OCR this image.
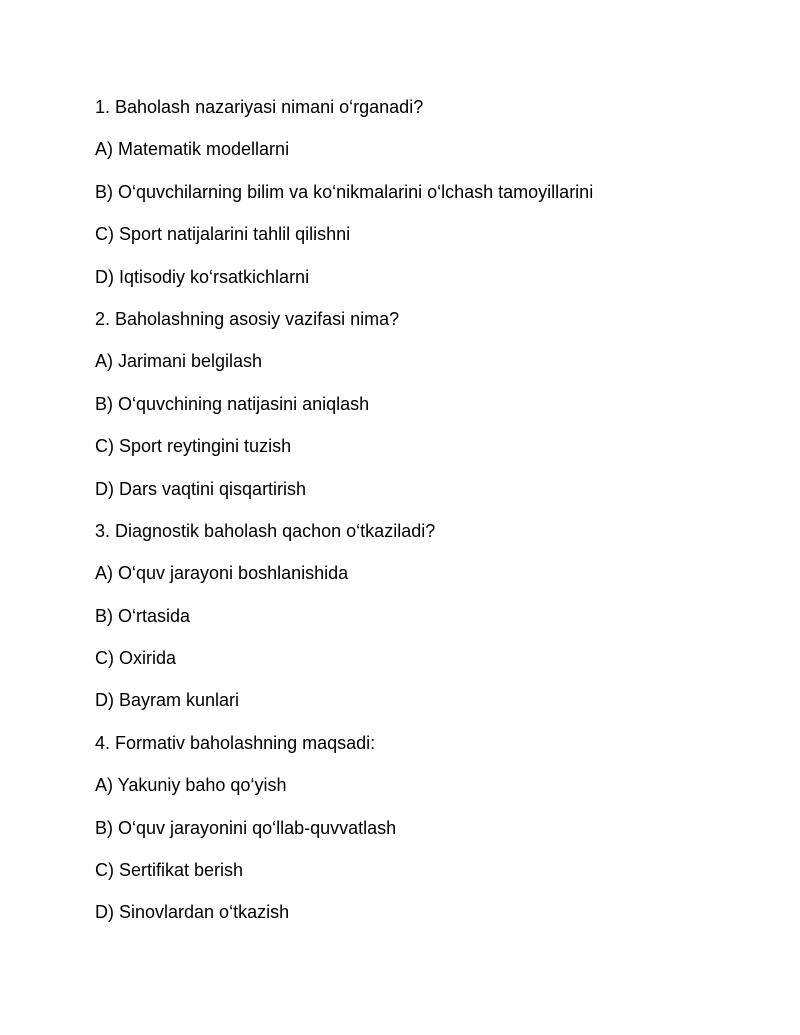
1. Baholash nazariyasi nimani o‘rganadi?
A) Matematik modellarni
B) O‘quvchilarning bilim va ko‘nikmalarini o‘lchash tamoyillarini
C) Sport natijalarini tahlil qilishni
D) Iqtisodiy ko‘rsatkichlarni
2. Baholashning asosiy vazifasi nima?
A) Jarimani belgilash
B) O‘quvchining natijasini aniqlash
C) Sport reytingini tuzish
D) Dars vaqtini qisqartirish
3. Diagnostik baholash qachon o‘tkaziladi?
A) O‘quv jarayoni boshlanishida
B) O‘rtasida
C) Oxirida
D) Bayram kunlari
4. Formativ baholashning maqsadi:
A) Yakuniy baho qo‘yish
B) O‘quv jarayonini qo‘llab-quvvatlash
C) Sertifikat berish
D) Sinovlardan o‘tkazish
